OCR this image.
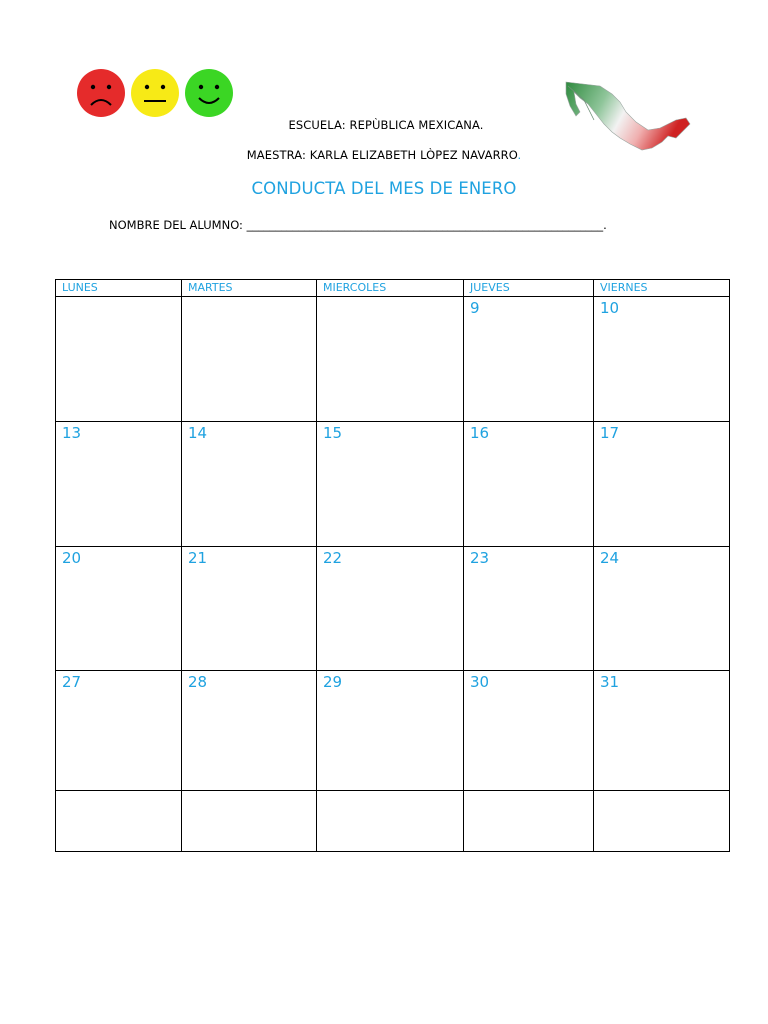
ESCUELA: REPÙBLICA MEXICANA.
MAESTRA: KARLA ELIZABETH LÒPEZ NAVARRO.
CONDUCTA DEL MES DE ENERO
NOMBRE DEL ALUMNO: ______________________________________________________________.
LUNES	MARTES	MIERCOLES	JUEVES	VIERNES
			9	10
13	14	15	16	17
20	21	22	23	24
27	28	29	30	31
